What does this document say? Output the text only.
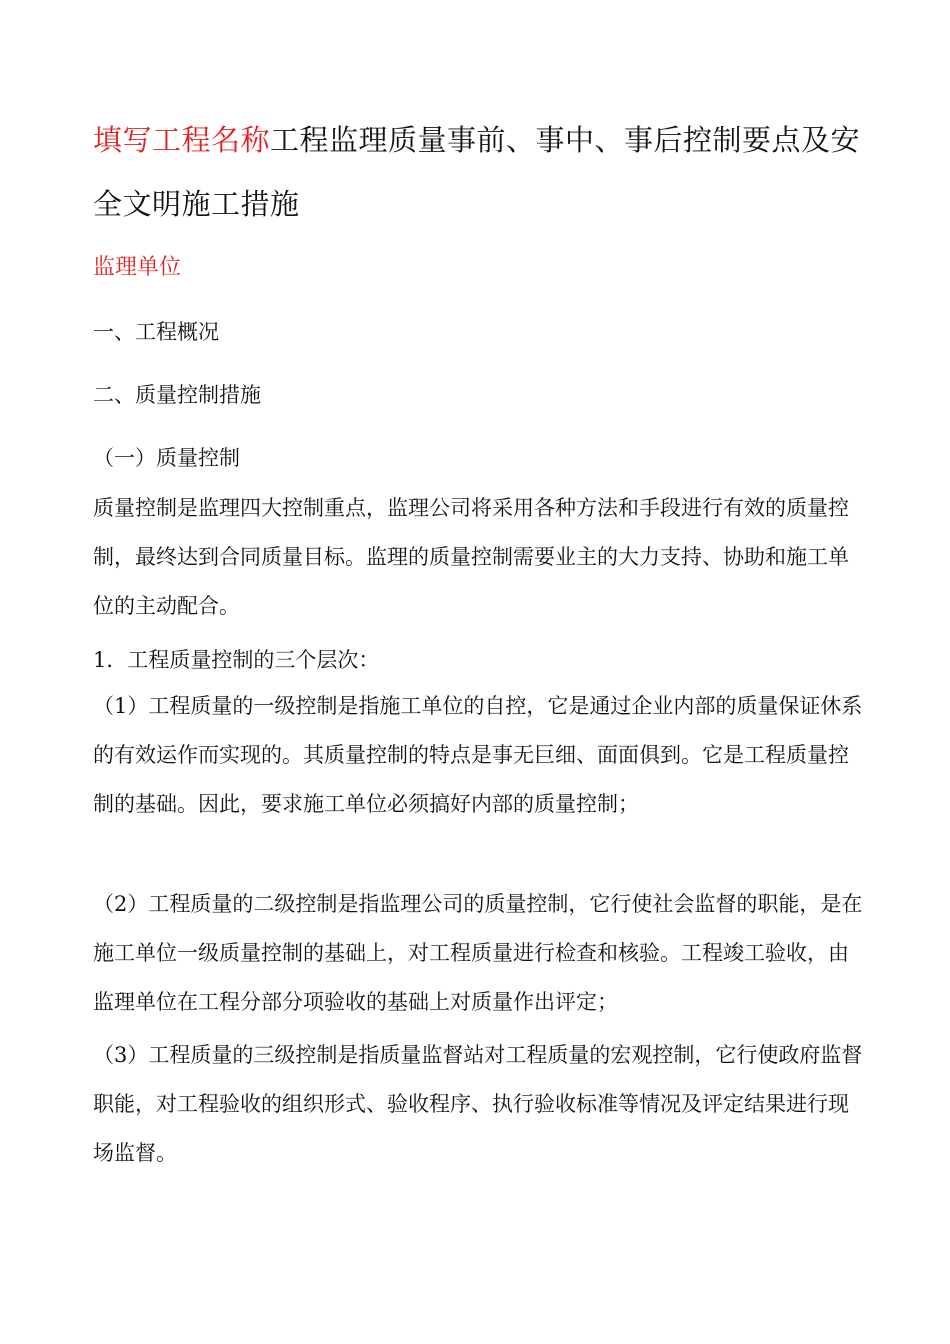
填写工程名称工程监理质量事前、事中、事后控制要点及安全文明施工措施
监理单位
一、工程概况
二、质量控制措施
（一）质量控制
质量控制是监理四大控制重点，监理公司将采用各种方法和手段进行有效的质量控制，最终达到合同质量目标。监理的质量控制需要业主的大力支持、协助和施工单位的主动配合。
1．工程质量控制的三个层次：
（1）工程质量的一级控制是指施工单位的自控，它是通过企业内部的质量保证休系的有效运作而实现的。其质量控制的特点是事无巨细、面面俱到。它是工程质量控制的基础。因此，要求施工单位必须搞好内部的质量控制；
（2）工程质量的二级控制是指监理公司的质量控制，它行使社会监督的职能，是在施工单位一级质量控制的基础上，对工程质量进行检查和核验。工程竣工验收，由监理单位在工程分部分项验收的基础上对质量作出评定；
（3）工程质量的三级控制是指质量监督站对工程质量的宏观控制，它行使政府监督职能，对工程验收的组织形式、验收程序、执行验收标准等情况及评定结果进行现场监督。
